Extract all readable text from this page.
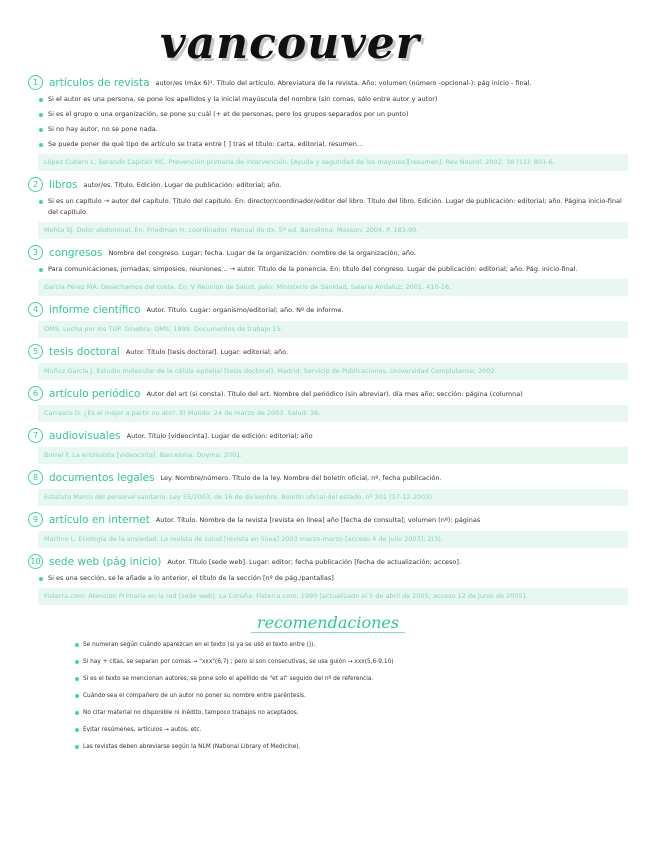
vancouver
1	artículos de revista autor/es (máx 6)¹. Título del artículo. Abreviatura de la revista. Año; volumen (número -opcional-): pág inicio - final.
Si el autor es una persona, se pone los apellidos y la inicial mayúscula del nombre (sin comas, sólo entre autor y autor)
Si es el grupo o una organización, se pone su cuál (+ et de personas, pero los grupos separados por un punto)
Si no hay autor, no se pone nada.
Se puede poner de qué tipo de artículo se trata entre [ ] tras el título: carta, editorial, resumen...
López Cubero L, Sorando Capitán MC. Prevención primaria de intervención. [Ayuda y seguridad de los mayores][resumen]. Rev Neurol. 2002; 38 (11): 801-6.
2	libros autor/es. Título. Edición. Lugar de publicación: editorial; año.
Si es un capítulo → autor del capítulo. Título del capítulo. En: director/coordinador/editor del libro. Título del libro. Edición. Lugar de publicación: editorial; año. Página inicio-final del capítulo.
Mehta SJ. Dolor abdominal. En: Friedman H, coordinador. Manual de dx. 5ª ed. Barcelona: Masson; 2004. P. 183-90.
3	congresos Nombre del congreso. Lugar; fecha. Lugar de la organización: nombre de la organización; año.
Para comunicaciones, jornadas, simposios, reuniones... → autor. Título de la ponencia. En: título del congreso. Lugar de publicación: editorial; año. Pág. inicio-final.
García Pérez MA. Desechamos del coste. En: V Reunión de Salud. Jaén; Ministerio de Sanidad, Salario Andaluz; 2001. 410-16.
4	informe científico Autor. Título. Lugar: organismo/editorial; año. Nº de informe.
OMS. Lucha por los TUP. Ginebra: OMS; 1999. Documentos de trabajo 15.
5	tesis doctoral Autor. Título [tesis doctoral]. Lugar: editorial; año.
Muñoz García J. Estudio molecular de la célula epitelial [tesis doctoral]. Madrid: Servicio de Publicaciones, Universidad Complutense; 2002.
6	artículo periódico Autor del art (si consta). Título del art. Nombre del periódico (sin abreviar). día mes año; sección: página (columna)
Carrasco D. ¿Es el mejor a partir no ato?. El Mundo. 24 de marzo de 2003. Salud: 36.
7	audiovisuales Autor. Título [videocinta]. Lugar de edición: editorial; año
Borrel F. La entrevista [videocinta]. Barcelona: Doyma; 2001.
8	documentos legales Ley. Nombre/número. Título de la ley. Nombre del boletín oficial, nº, fecha publicación.
Estatuto Marco del personal sanitario. Ley 55/2003, de 16 de diciembre. Boletín oficial del estado, nº 301 (17-12-2003).
9	artículo en internet Autor. Título. Nombre de la revista [revista en línea] año [fecha de consulta]; volumen (nº): páginas
Martino L. Etiología de la ansiedad. La revista de salud [revista en línea] 2003 marzo-marzo [acceso 4 de julio 2003]; 2(3).
10 sede web (pág inicio) Autor. Título [sede web]. Lugar: editor; fecha publicación [fecha de actualización; acceso].
Si es una sección, se le añade a lo anterior, el título de la sección [nº de pág./pantallas]
Fisterra.com. Atención Primaria en la red [sede web]. La Coruña: Fisterra.com; 1990 [actualizado el 5 de abril de 2005; acceso 12 de junio de 2005].
recomendaciones
Se numeran según cuándo aparezcan en el texto (si ya se usó el texto entre ()).
Si hay + citas, se separan por comas → "xxx"(6,7) ; pero si son consecutivas, se usa guión → xxx(5,6-9,10)
Si es el texto se mencionan autores, se pone solo el apellido de "et al" seguido del nº de referencia.
Cuándo sea el compañero de un autor no poner su nombre entre paréntesis.
No citar material no disponible ni inédito, tampoco trabajos no aceptados.
Evitar resúmenes, artículos → autos, etc.
Las revistas deben abreviarse según la NLM (National Library of Medicine).
